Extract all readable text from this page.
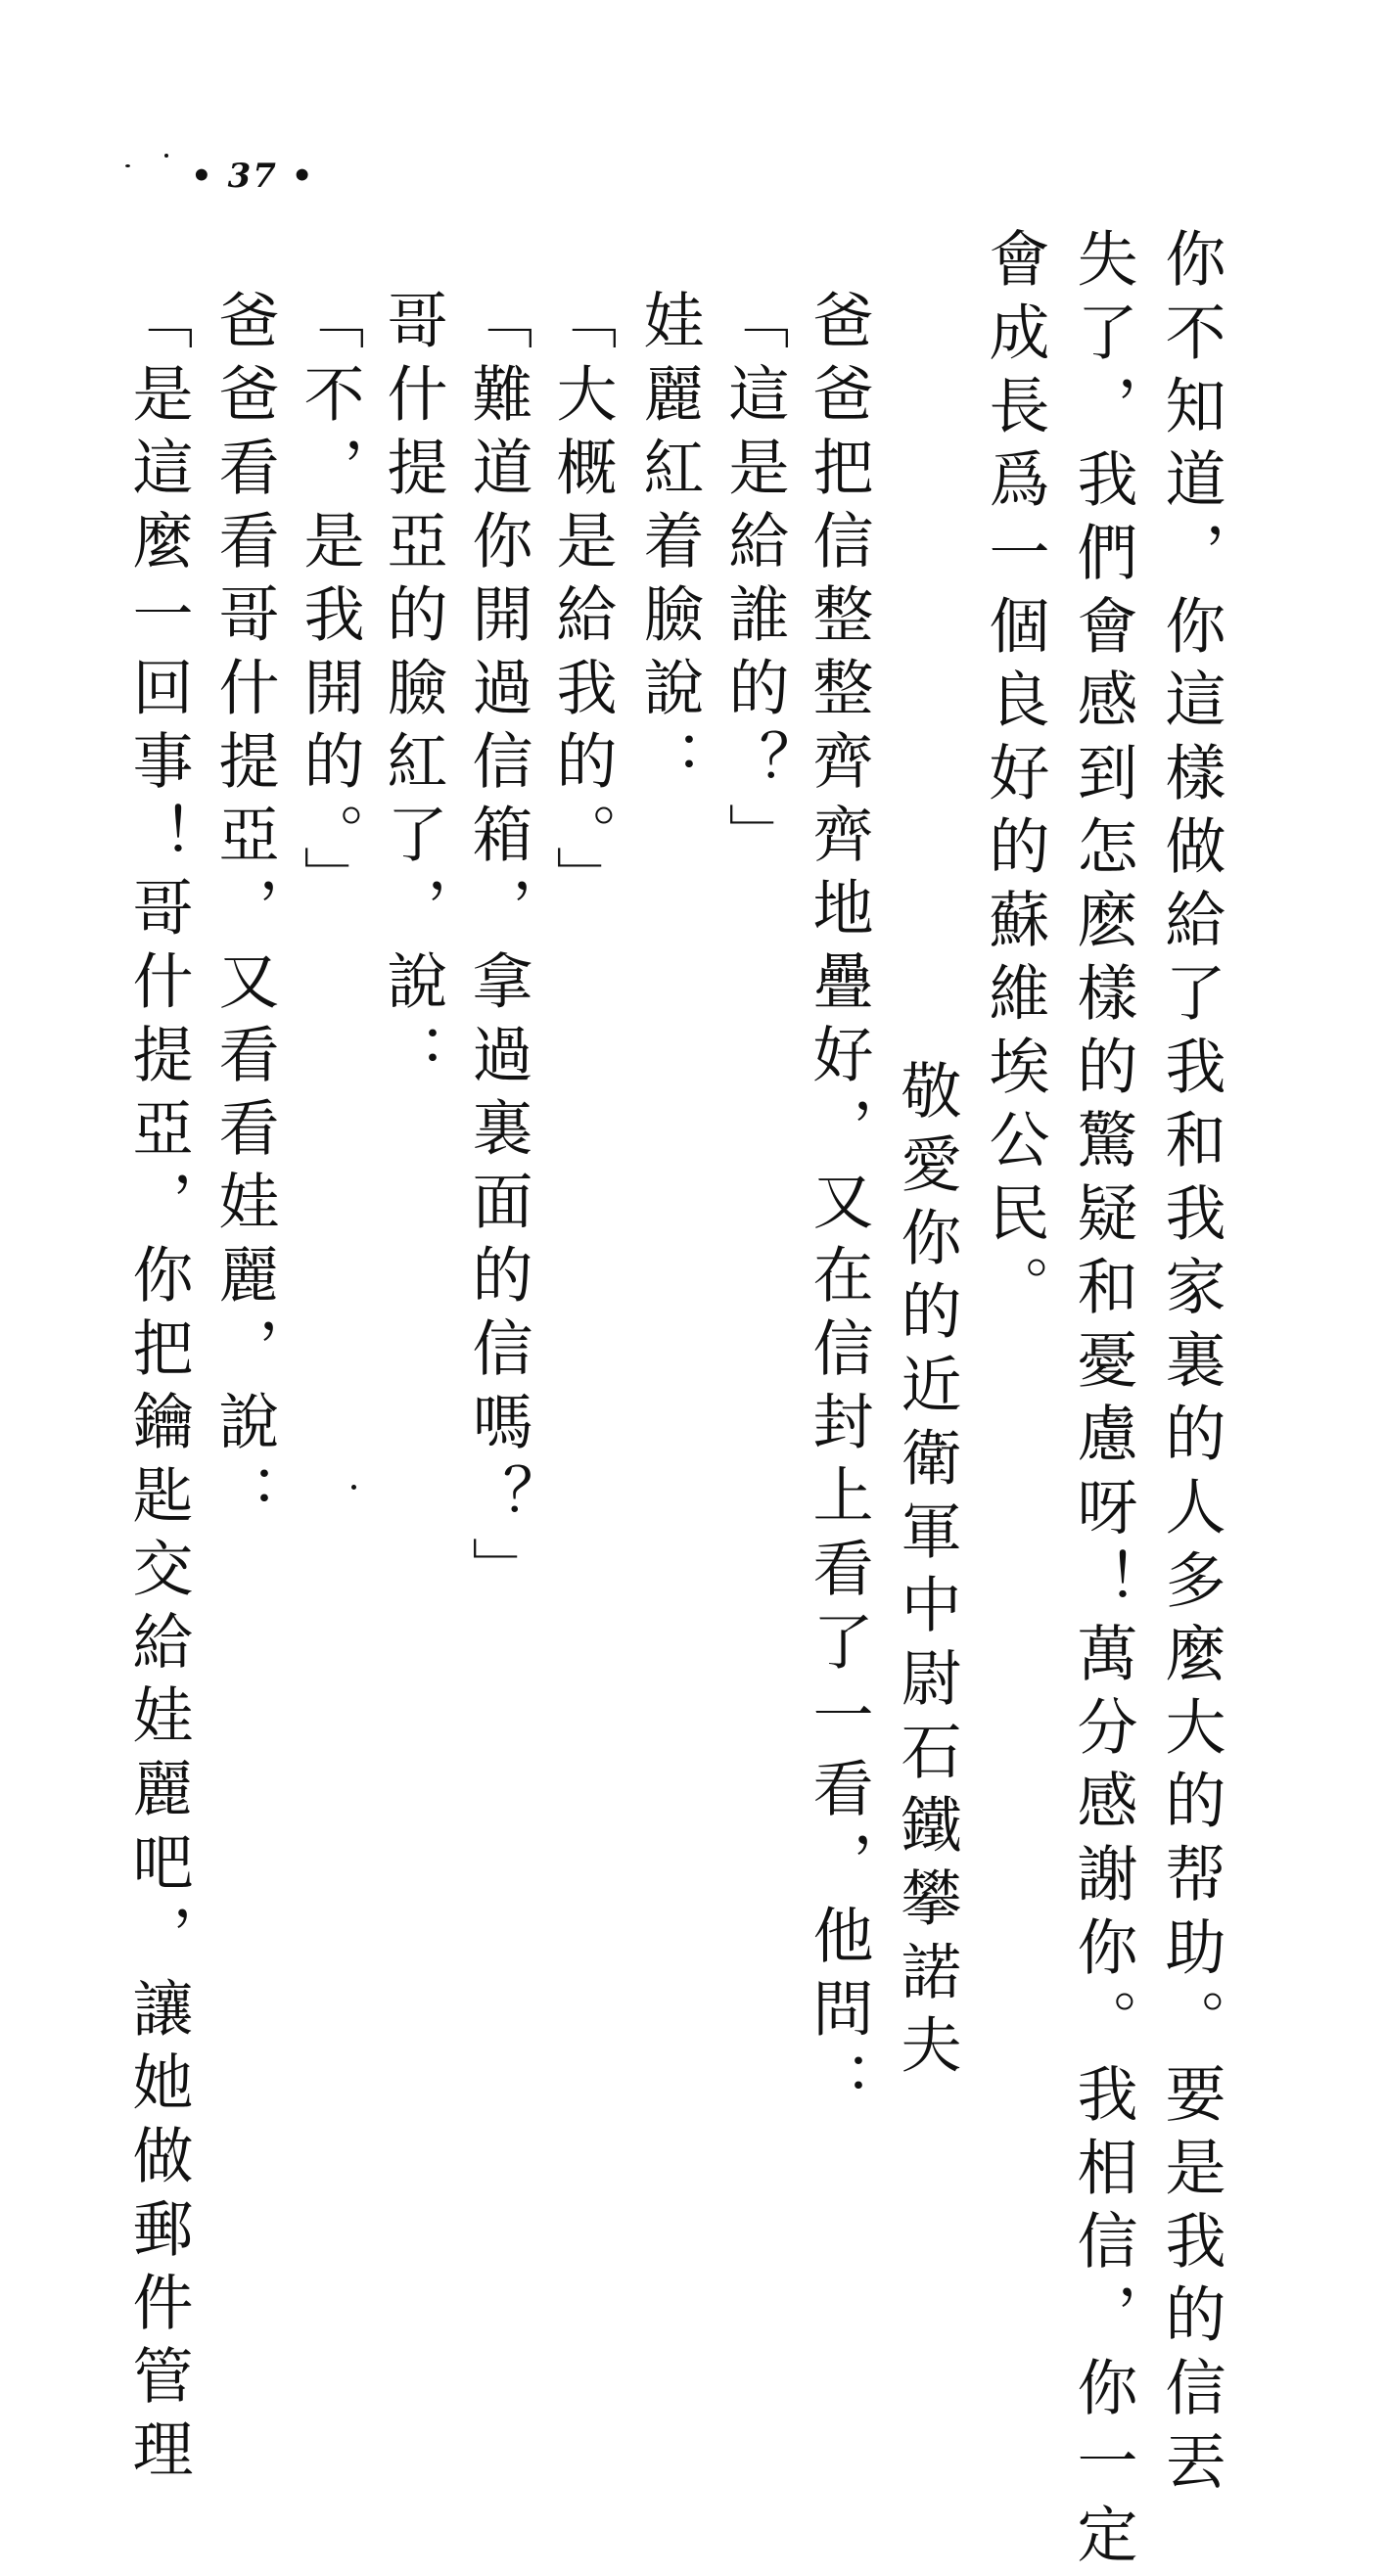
• 37 •
你不知道，你這樣做給了我和我家裏的人多麼大的帮助。要是我的信丟
失了，我們會感到怎麽樣的驚疑和憂慮呀！萬分感謝你。我相信，你一定
會成長爲一個良好的蘇維埃公民。
敬愛你的近衛軍中尉石鐵攀諾夫
爸爸把信整整齊齊地疊好，又在信封上看了一看，他問：
「這是給誰的？」
娃麗紅着臉說：
「大概是給我的。」
「難道你開過信箱，拿過裏面的信嗎？」
哥什提亞的臉紅了，說：
「不，是我開的。」
爸爸看看哥什提亞，又看看娃麗，說：
「是這麼一回事！哥什提亞，你把鑰匙交給娃麗吧，讓她做郵件管理
